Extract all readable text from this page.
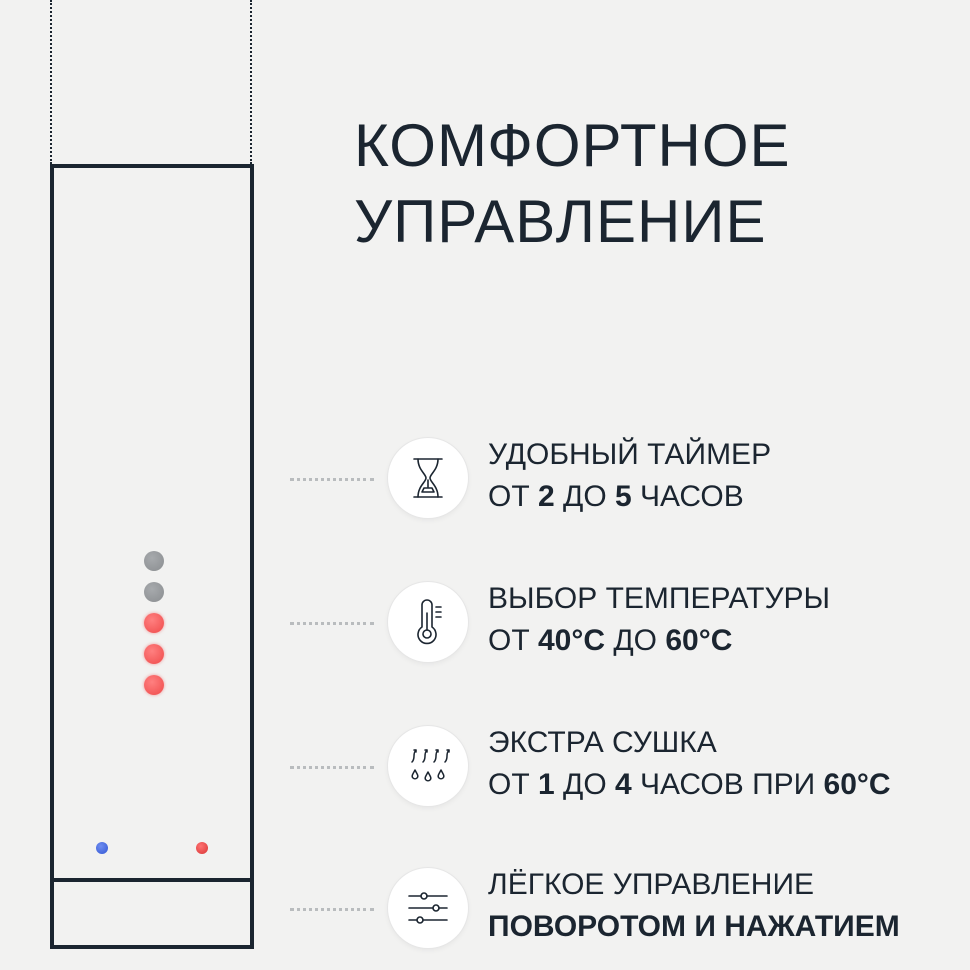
КОМФОРТНОЕ
УПРАВЛЕНИЕ
УДОБНЫЙ ТАЙМЕР
ОТ 2 ДО 5 ЧАСОВ
ВЫБОР ТЕМПЕРАТУРЫ
ОТ 40°C ДО 60°C
ЭКСТРА СУШКА
ОТ 1 ДО 4 ЧАСОВ ПРИ 60°C
ЛЁГКОЕ УПРАВЛЕНИЕ
ПОВОРОТОМ И НАЖАТИЕМ
